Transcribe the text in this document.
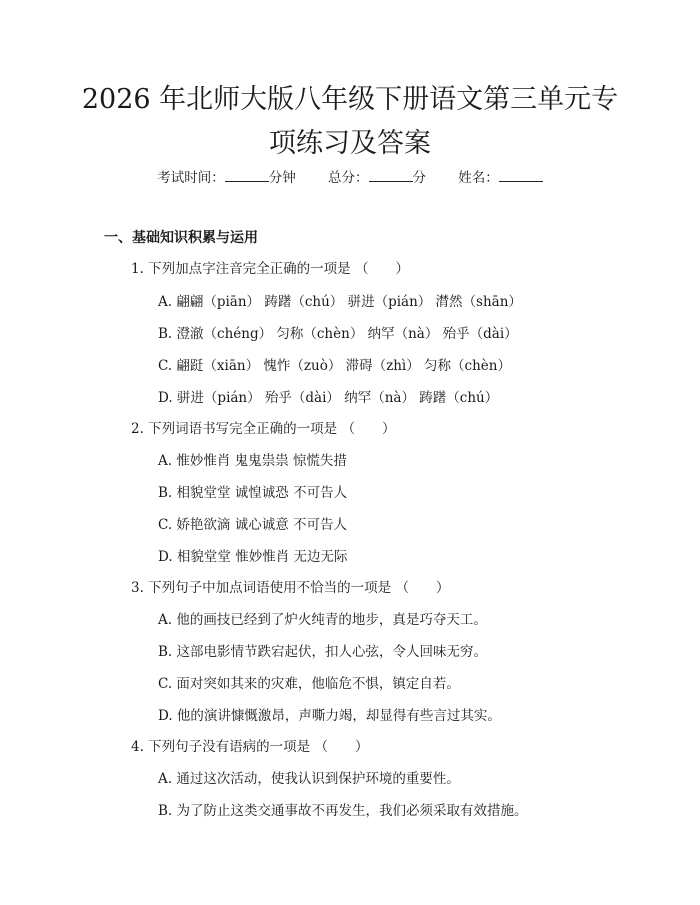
2026 年北师大版八年级下册语文第三单元专
项练习及答案
考试时间：	分钟 总分：	分 姓名：
一、基础知识积累与运用
1. 下列加点字注音完全正确的一项是 （　　）
A. 翩翩（piān） 踌躇（chú） 骈进（pián） 潸然（shān）
B. 澄澈（chéng） 匀称（chèn） 纳罕（nà） 殆乎（dài）
C. 翩跹（xiān） 愧怍（zuò） 滞碍（zhì） 匀称（chèn）
D. 骈进（pián） 殆乎（dài） 纳罕（nà） 踌躇（chú）
2. 下列词语书写完全正确的一项是 （　　）
A. 惟妙惟肖 鬼鬼祟祟 惊慌失措
B. 相貌堂堂 诚惶诚恐 不可告人
C. 娇艳欲滴 诚心诚意 不可告人
D. 相貌堂堂 惟妙惟肖 无边无际
3. 下列句子中加点词语使用不恰当的一项是 （　　）
A. 他的画技已经到了炉火纯青的地步，真是巧夺天工。
B. 这部电影情节跌宕起伏，扣人心弦，令人回味无穷。
C. 面对突如其来的灾难，他临危不惧，镇定自若。
D. 他的演讲慷慨激昂，声嘶力竭，却显得有些言过其实。
4. 下列句子没有语病的一项是 （　　）
A. 通过这次活动，使我认识到保护环境的重要性。
B. 为了防止这类交通事故不再发生，我们必须采取有效措施。
